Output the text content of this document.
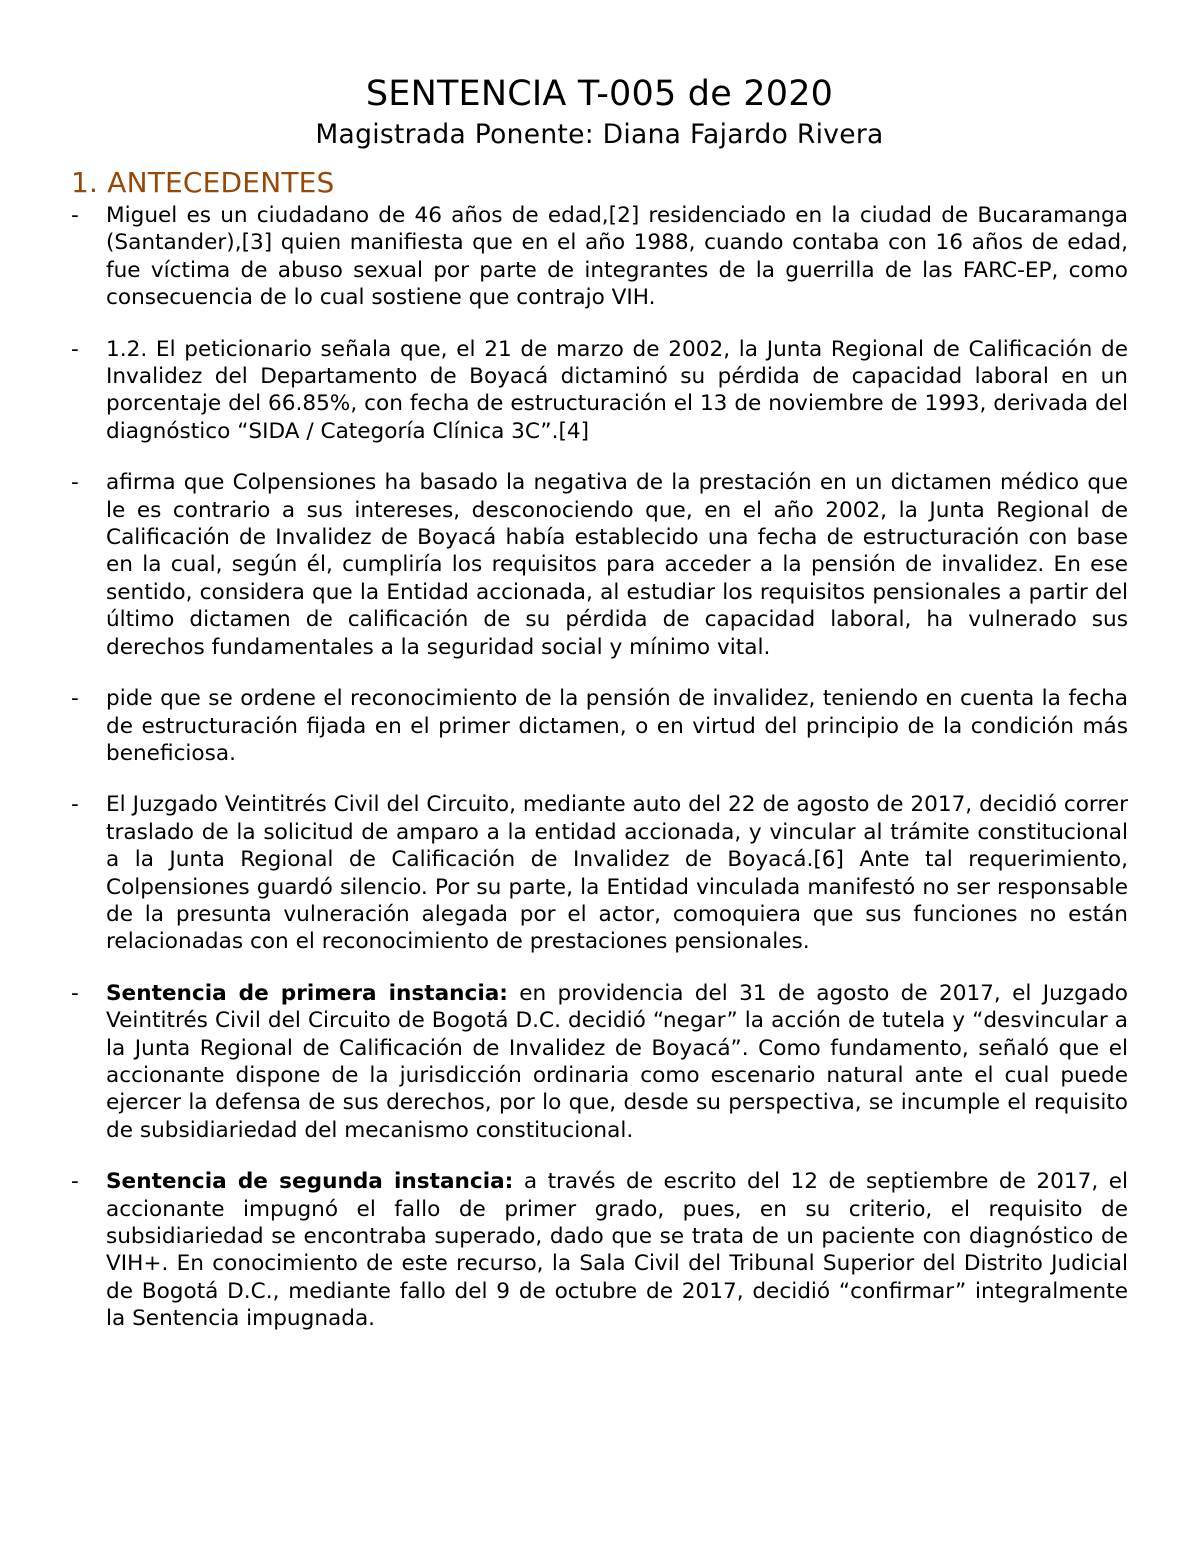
SENTENCIA T-005 de 2020
Magistrada Ponente: Diana Fajardo Rivera
1. ANTECEDENTES
- Miguel es un ciudadano de 46 años de edad,[2] residenciado en la ciudad de Bucaramanga (Santander),[3] quien manifiesta que en el año 1988, cuando contaba con 16 años de edad, fue víctima de abuso sexual por parte de integrantes de la guerrilla de las FARC-EP, como consecuencia de lo cual sostiene que contrajo VIH.
- 1.2. El peticionario señala que, el 21 de marzo de 2002, la Junta Regional de Calificación de Invalidez del Departamento de Boyacá dictaminó su pérdida de capacidad laboral en un porcentaje del 66.85%, con fecha de estructuración el 13 de noviembre de 1993, derivada del diagnóstico “SIDA / Categoría Clínica 3C”.[4]
- afirma que Colpensiones ha basado la negativa de la prestación en un dictamen médico que le es contrario a sus intereses, desconociendo que, en el año 2002, la Junta Regional de Calificación de Invalidez de Boyacá había establecido una fecha de estructuración con base en la cual, según él, cumpliría los requisitos para acceder a la pensión de invalidez. En ese sentido, considera que la Entidad accionada, al estudiar los requisitos pensionales a partir del último dictamen de calificación de su pérdida de capacidad laboral, ha vulnerado sus derechos fundamentales a la seguridad social y mínimo vital.
- pide que se ordene el reconocimiento de la pensión de invalidez, teniendo en cuenta la fecha de estructuración fijada en el primer dictamen, o en virtud del principio de la condición más beneficiosa.
- El Juzgado Veintitrés Civil del Circuito, mediante auto del 22 de agosto de 2017, decidió correr traslado de la solicitud de amparo a la entidad accionada, y vincular al trámite constitucional a la Junta Regional de Calificación de Invalidez de Boyacá.[6] Ante tal requerimiento, Colpensiones guardó silencio. Por su parte, la Entidad vinculada manifestó no ser responsable de la presunta vulneración alegada por el actor, comoquiera que sus funciones no están relacionadas con el reconocimiento de prestaciones pensionales.
- Sentencia de primera instancia: en providencia del 31 de agosto de 2017, el Juzgado Veintitrés Civil del Circuito de Bogotá D.C. decidió “negar” la acción de tutela y “desvincular a la Junta Regional de Calificación de Invalidez de Boyacá”. Como fundamento, señaló que el accionante dispone de la jurisdicción ordinaria como escenario natural ante el cual puede ejercer la defensa de sus derechos, por lo que, desde su perspectiva, se incumple el requisito de subsidiariedad del mecanismo constitucional.
- Sentencia de segunda instancia: a través de escrito del 12 de septiembre de 2017, el accionante impugnó el fallo de primer grado, pues, en su criterio, el requisito de subsidiariedad se encontraba superado, dado que se trata de un paciente con diagnóstico de VIH+. En conocimiento de este recurso, la Sala Civil del Tribunal Superior del Distrito Judicial de Bogotá D.C., mediante fallo del 9 de octubre de 2017, decidió “confirmar” integralmente la Sentencia impugnada.
